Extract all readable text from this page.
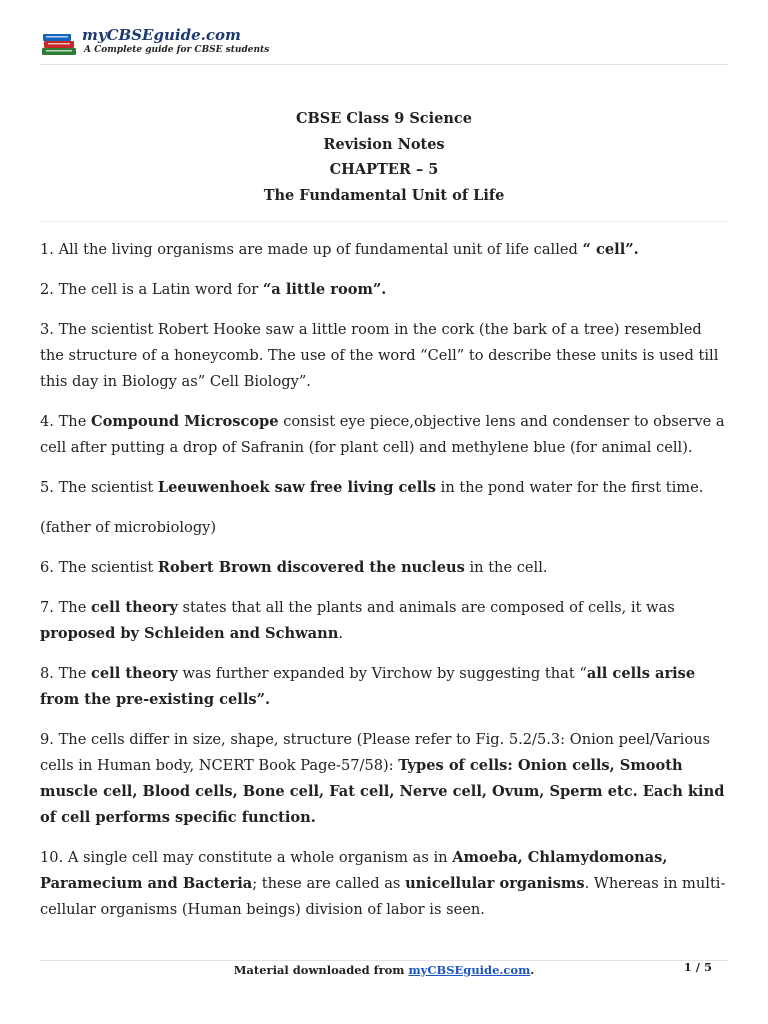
myCBSEguide.com
A Complete guide for CBSE students
CBSE Class 9 Science
Revision Notes
CHAPTER – 5
The Fundamental Unit of Life

1. All the living organisms are made up of fundamental unit of life called “ cell”.

2. The cell is a Latin word for “a little room”.

3. The scientist Robert Hooke saw a little room in the cork (the bark of a tree) resembled the structure of a honeycomb. The use of the word “Cell” to describe these units is used till this day in Biology as” Cell Biology”.

4. The Compound Microscope consist eye piece,objective lens and condenser to observe a cell after putting a drop of Safranin (for plant cell) and methylene blue (for animal cell).

5. The scientist Leeuwenhoek saw free living cells in the pond water for the first time.

(father of microbiology)

6. The scientist Robert Brown discovered the nucleus in the cell.

7. The cell theory states that all the plants and animals are composed of cells, it was proposed by Schleiden and Schwann.

8. The cell theory was further expanded by Virchow by suggesting that “all cells arise from the pre-existing cells”.

9. The cells differ in size, shape, structure (Please refer to Fig. 5.2/5.3: Onion peel/Various cells in Human body, NCERT Book Page-57/58): Types of cells: Onion cells, Smooth muscle cell, Blood cells, Bone cell, Fat cell, Nerve cell, Ovum, Sperm etc. Each kind of cell performs specific function.

10. A single cell may constitute a whole organism as in Amoeba, Chlamydomonas, Paramecium and Bacteria; these are called as unicellular organisms. Whereas in multi-cellular organisms (Human beings) division of labor is seen.

Material downloaded from myCBSEguide.com.	1 / 5
